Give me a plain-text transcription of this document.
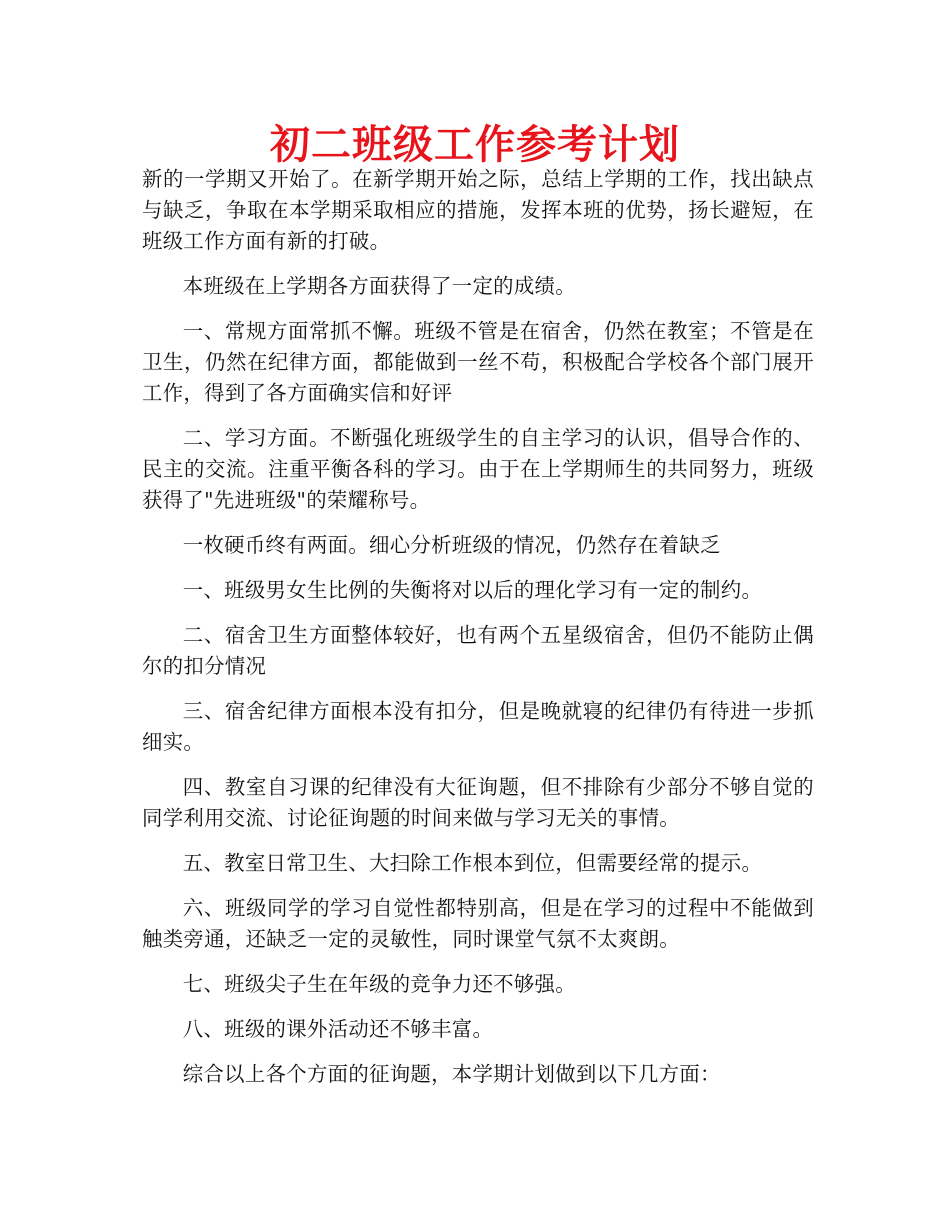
初二班级工作参考计划

新的一学期又开始了。在新学期开始之际，总结上学期的工作，找出缺点与缺乏，争取在本学期采取相应的措施，发挥本班的优势，扬长避短，在班级工作方面有新的打破。

本班级在上学期各方面获得了一定的成绩。

一、常规方面常抓不懈。班级不管是在宿舍，仍然在教室；不管是在卫生，仍然在纪律方面，都能做到一丝不苟，积极配合学校各个部门展开工作，得到了各方面确实信和好评

二、学习方面。不断强化班级学生的自主学习的认识，倡导合作的、民主的交流。注重平衡各科的学习。由于在上学期师生的共同努力，班级获得了"先进班级"的荣耀称号。

一枚硬币终有两面。细心分析班级的情况，仍然存在着缺乏

一、班级男女生比例的失衡将对以后的理化学习有一定的制约。

二、宿舍卫生方面整体较好，也有两个五星级宿舍，但仍不能防止偶尔的扣分情况

三、宿舍纪律方面根本没有扣分，但是晚就寝的纪律仍有待进一步抓细实。

四、教室自习课的纪律没有大征询题，但不排除有少部分不够自觉的同学利用交流、讨论征询题的时间来做与学习无关的事情。

五、教室日常卫生、大扫除工作根本到位，但需要经常的提示。

六、班级同学的学习自觉性都特别高，但是在学习的过程中不能做到触类旁通，还缺乏一定的灵敏性，同时课堂气氛不太爽朗。

七、班级尖子生在年级的竞争力还不够强。

八、班级的课外活动还不够丰富。

综合以上各个方面的征询题，本学期计划做到以下几方面：
